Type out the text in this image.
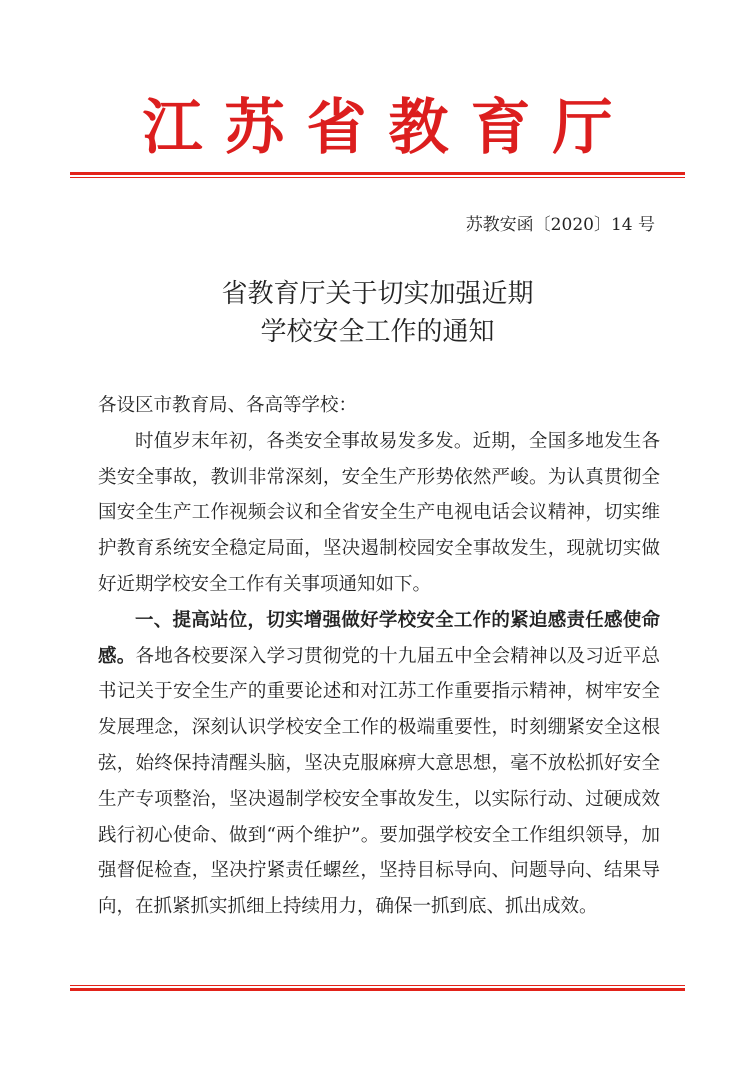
江苏省教育厅
苏教安函〔2020〕14 号
省教育厅关于切实加强近期
学校安全工作的通知

各设区市教育局、各高等学校：

时值岁末年初，各类安全事故易发多发。近期，全国多地发生各类安全事故，教训非常深刻，安全生产形势依然严峻。为认真贯彻全国安全生产工作视频会议和全省安全生产电视电话会议精神，切实维护教育系统安全稳定局面，坚决遏制校园安全事故发生，现就切实做好近期学校安全工作有关事项通知如下。

一、提高站位，切实增强做好学校安全工作的紧迫感责任感使命感。各地各校要深入学习贯彻党的十九届五中全会精神以及习近平总书记关于安全生产的重要论述和对江苏工作重要指示精神，树牢安全发展理念，深刻认识学校安全工作的极端重要性，时刻绷紧安全这根弦，始终保持清醒头脑，坚决克服麻痹大意思想，毫不放松抓好安全生产专项整治，坚决遏制学校安全事故发生，以实际行动、过硬成效践行初心使命、做到“两个维护”。要加强学校安全工作组织领导，加强督促检查，坚决拧紧责任螺丝，坚持目标导向、问题导向、结果导向，在抓紧抓实抓细上持续用力，确保一抓到底、抓出成效。
